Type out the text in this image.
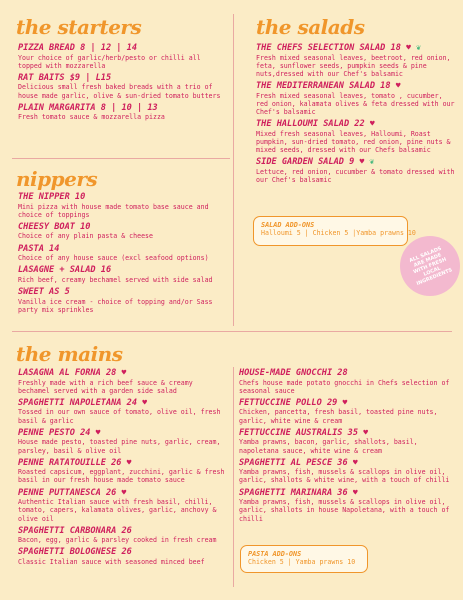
the starters
PIZZA BREAD 8 | 12 | 14
Your choice of garlic/herb/pesto or chilli all topped with mozzarella
RAT BAITS $9 | L15
Delicious small fresh baked breads with a trio of house made garlic, olive & sun-dried tomato butters
PLAIN MARGARITA 8 | 10 | 13
Fresh tomato sauce & mozzarella pizza
nippers
THE NIPPER 10
Mini pizza with house made tomato base sauce and choice of toppings
CHEESY BOAT 10
Choice of any plain pasta & cheese
PASTA 14
Choice of any house sauce (excl seafood options)
LASAGNE + SALAD 16
Rich beef, creamy bechamel served with side salad
SWEET AS 5
Vanilla ice cream - choice of topping and/or Sass party mix sprinkles
the salads
THE CHEFS SELECTION SALAD 18 ♥ ❦
Fresh mixed seasonal leaves, beetroot, red onion, feta, sunflower seeds, pumpkin seeds & pine nuts,dressed with our Chef's balsamic
THE MEDITERRANEAN SALAD 18 ♥
Fresh mixed seasonal leaves, tomato , cucumber, red onion, kalamata olives & feta dressed with our Chef's balsamic
THE HALLOUMI SALAD 22 ♥
Mixed fresh seasonal leaves, Halloumi, Roast pumpkin, sun-dried tomato, red onion, pine nuts & mixed seeds, dressed with our Chefs balsamic
SIDE GARDEN SALAD 9 ♥ ❦
Lettuce, red onion, cucumber & tomato dressed with our Chef's balsamic
SALAD ADD-ONS
Halloumi 5 | Chicken 5 |Yamba prawns 10
ALL SALADS ARE MADE WITH FRESH LOCAL INGREDIENTS
the mains
LASAGNA AL FORNA 28 ♥
Freshly made with a rich beef sauce & creamy bechamel served with a garden side salad
SPAGHETTI NAPOLETANA 24 ♥
Tossed in our own sauce of tomato, olive oil, fresh basil & garlic
PENNE PESTO 24 ♥
House made pesto, toasted pine nuts, garlic, cream, parsley, basil & olive oil
PENNE RATATOUILLE 26 ♥
Roasted capsicum, eggplant, zucchini, garlic & fresh basil in our fresh house made tomato sauce
PENNE PUTTANESCA 26 ♥
Authentic Italian sauce with fresh basil, chilli, tomato, capers, kalamata olives, garlic, anchovy & olive oil
SPAGHETTI CARBONARA 26
Bacon, egg, garlic & parsley cooked in fresh cream
SPAGHETTI BOLOGNESE 26
Classic Italian sauce with seasoned minced beef
HOUSE-MADE GNOCCHI 28
Chefs house made potato gnocchi in Chefs selection of seasonal sauce
FETTUCCINE POLLO 29 ♥
Chicken, pancetta, fresh basil, toasted pine nuts, garlic, white wine & cream
FETTUCCINE AUSTRALIS 35 ♥
Yamba prawns, bacon, garlic, shallots, basil, napoletana sauce, white wine & cream
SPAGHETTI AL PESCE 36 ♥
Yamba prawns, fish, mussels & scallops in olive oil, garlic, shallots & white wine, with a touch of chilli
SPAGHETTI MARINARA 36 ♥
Yamba prawns, fish, mussels & scallops in olive oil, garlic, shallots in house Napoletana, with a touch of chilli
PASTA ADD-ONS
Chicken 5 | Yamba prawns 10
